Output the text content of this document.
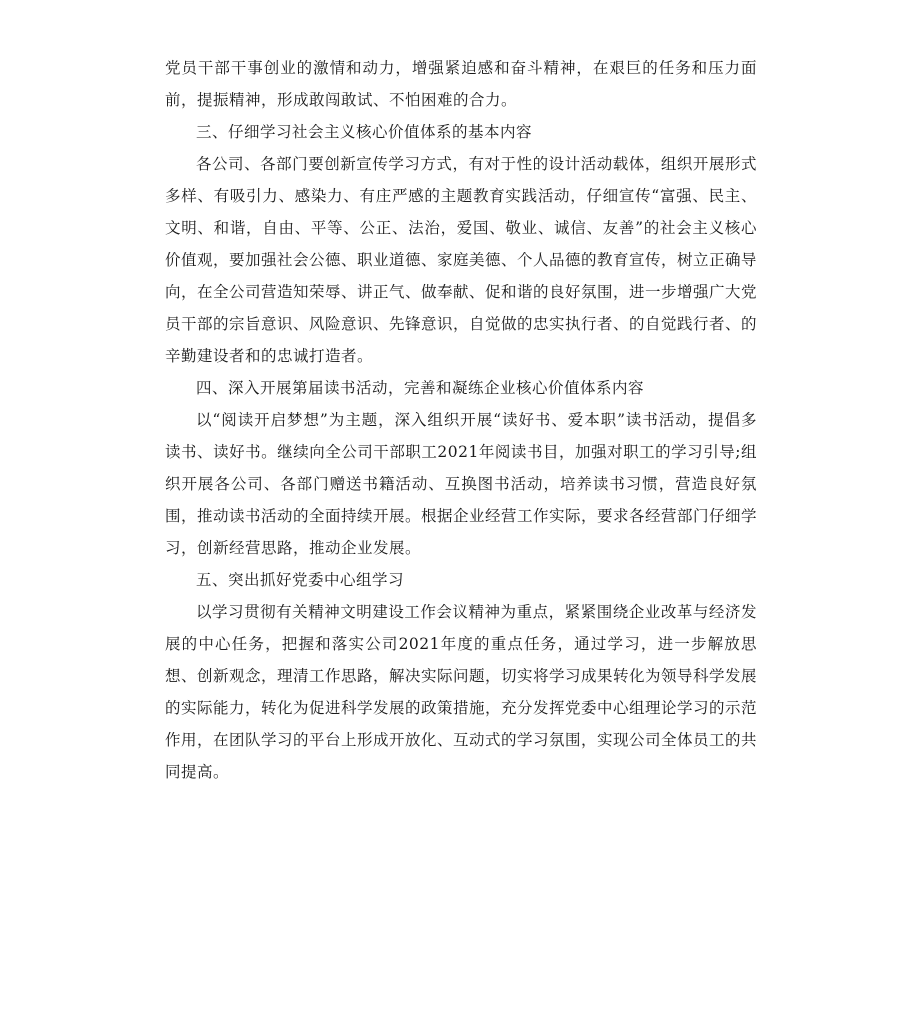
党员干部干事创业的激情和动力，增强紧迫感和奋斗精神，在艰巨的任务和压力面前，提振精神，形成敢闯敢试、不怕困难的合力。

三、仔细学习社会主义核心价值体系的基本内容

各公司、各部门要创新宣传学习方式，有对于性的设计活动载体，组织开展形式多样、有吸引力、感染力、有庄严感的主题教育实践活动，仔细宣传“富强、民主、文明、和谐，自由、平等、公正、法治，爱国、敬业、诚信、友善”的社会主义核心价值观，要加强社会公德、职业道德、家庭美德、个人品德的教育宣传，树立正确导向，在全公司营造知荣辱、讲正气、做奉献、促和谐的良好氛围，进一步增强广大党员干部的宗旨意识、风险意识、先锋意识，自觉做的忠实执行者、的自觉践行者、的辛勤建设者和的忠诚打造者。

四、深入开展第届读书活动，完善和凝练企业核心价值体系内容

以“阅读开启梦想”为主题，深入组织开展“读好书、爱本职”读书活动，提倡多读书、读好书。继续向全公司干部职工2021年阅读书目，加强对职工的学习引导;组织开展各公司、各部门赠送书籍活动、互换图书活动，培养读书习惯，营造良好氛围，推动读书活动的全面持续开展。根据企业经营工作实际，要求各经营部门仔细学习，创新经营思路，推动企业发展。

五、突出抓好党委中心组学习

以学习贯彻有关精神文明建设工作会议精神为重点，紧紧围绕企业改革与经济发展的中心任务，把握和落实公司2021年度的重点任务，通过学习，进一步解放思想、创新观念，理清工作思路，解决实际问题，切实将学习成果转化为领导科学发展的实际能力，转化为促进科学发展的政策措施，充分发挥党委中心组理论学习的示范作用，在团队学习的平台上形成开放化、互动式的学习氛围，实现公司全体员工的共同提高。
